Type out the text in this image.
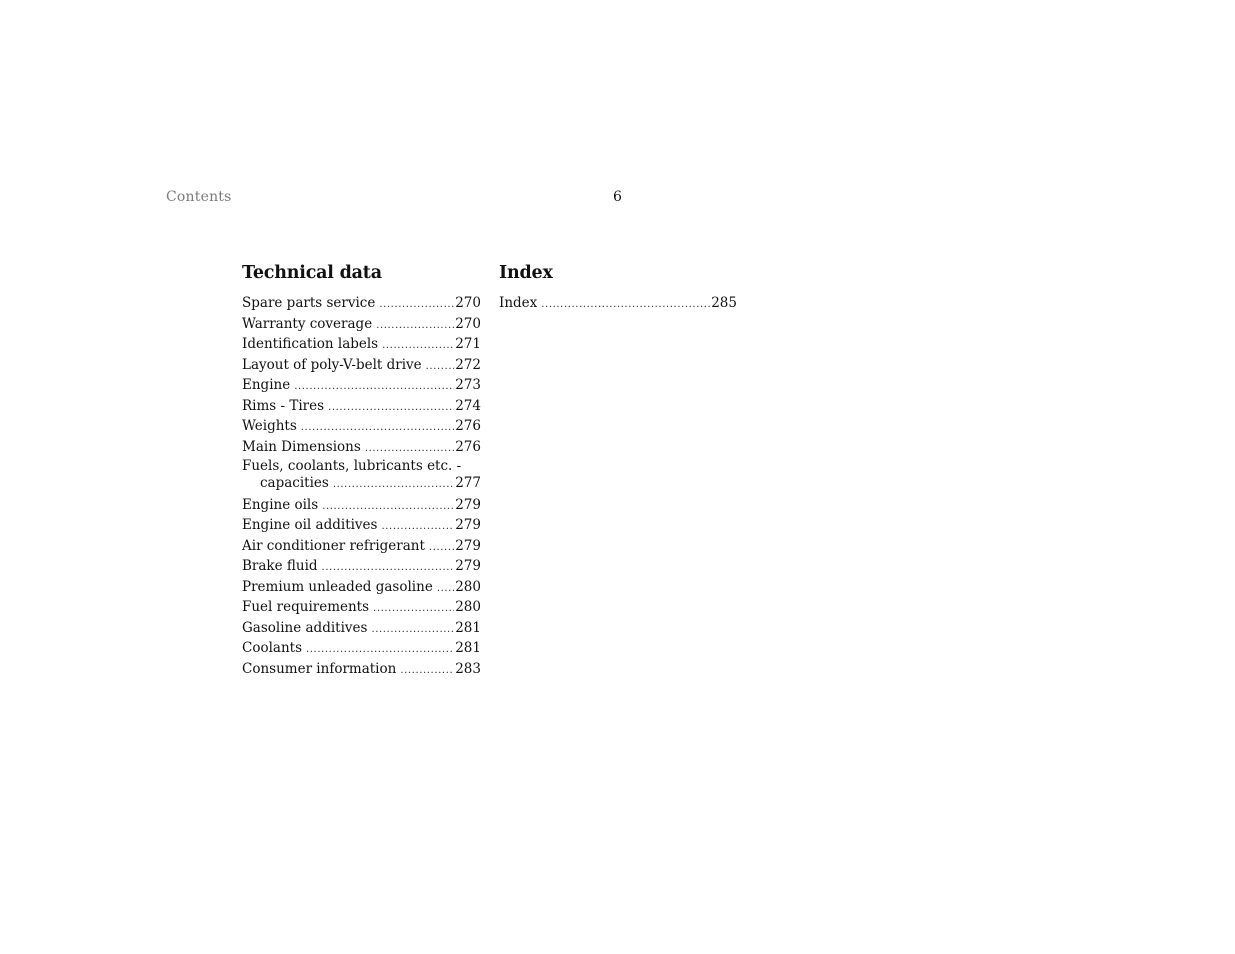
Contents	6
Technical data
Spare parts service .....	270
Warranty coverage .....	270
Identification labels .....	271
Layout of poly-V-belt drive ..... 272
Engine .....	273
Rims - Tires .....	274
Weights .....	276
Main Dimensions .....	276
Fuels, coolants, lubricants etc. -
capacities .....	277
Engine oils .....	279
Engine oil additives .....	279
Air conditioner refrigerant ..... 279
Brake fluid .....	279
Premium unleaded gasoline ..... 280
Fuel requirements .....	280
Gasoline additives .....	281
Coolants .....	281
Consumer information .....	283
Index
Index .....	285
